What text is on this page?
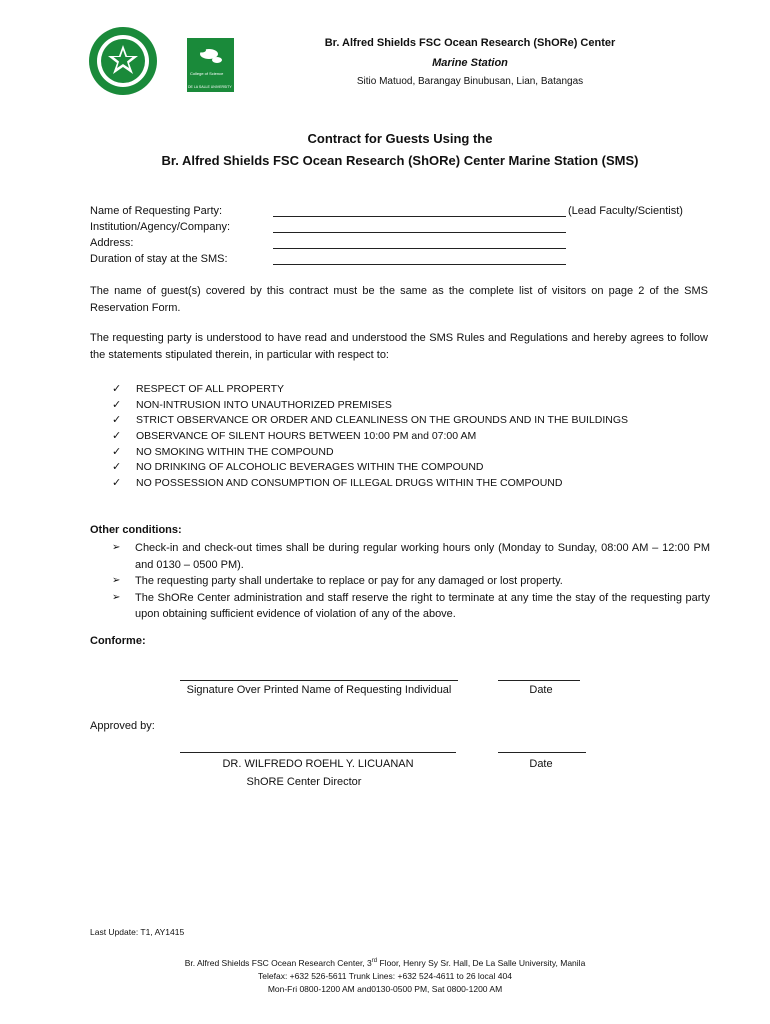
College of Science
DE LA SALLE UNIVERSITY
Br. Alfred Shields FSC Ocean Research (ShORe) Center
Marine Station
Sitio Matuod, Barangay Binubusan, Lian, Batangas
Contract for Guests Using the
Br. Alfred Shields FSC Ocean Research (ShORe) Center Marine Station (SMS)
Name of Requesting Party:	(Lead Faculty/Scientist)
Institution/Agency/Company:
Address:
Duration of stay at the SMS:
The name of guest(s) covered by this contract must be the same as the complete list of visitors on page 2 of the SMS Reservation Form.
The requesting party is understood to have read and understood the SMS Rules and Regulations and hereby agrees to follow the statements stipulated therein, in particular with respect to:
✓	RESPECT OF ALL PROPERTY
✓	NON-INTRUSION INTO UNAUTHORIZED PREMISES
✓	STRICT OBSERVANCE OR ORDER AND CLEANLINESS ON THE GROUNDS AND IN THE BUILDINGS
✓	OBSERVANCE OF SILENT HOURS BETWEEN 10:00 PM and 07:00 AM
✓	NO SMOKING WITHIN THE COMPOUND
✓	NO DRINKING OF ALCOHOLIC BEVERAGES WITHIN THE COMPOUND
✓	NO POSSESSION AND CONSUMPTION OF ILLEGAL DRUGS WITHIN THE COMPOUND
Other conditions:
➢	Check-in and check-out times shall be during regular working hours only (Monday to Sunday, 08:00 AM – 12:00 PM and 0130 – 0500 PM).
➢	The requesting party shall undertake to replace or pay for any damaged or lost property.
➢	The ShORe Center administration and staff reserve the right to terminate at any time the stay of the requesting party upon obtaining sufficient evidence of violation of any of the above.
Conforme:
Signature Over Printed Name of Requesting Individual	Date
Approved by:
DR. WILFREDO ROEHL Y. LICUANAN	Date
ShORE Center Director
Last Update: T1, AY1415
Br. Alfred Shields FSC Ocean Research Center, 3rd Floor, Henry Sy Sr. Hall, De La Salle University, Manila
Telefax: +632 526-5611 Trunk Lines: +632 524-4611 to 26 local 404
Mon-Fri 0800-1200 AM and0130-0500 PM, Sat 0800-1200 AM
